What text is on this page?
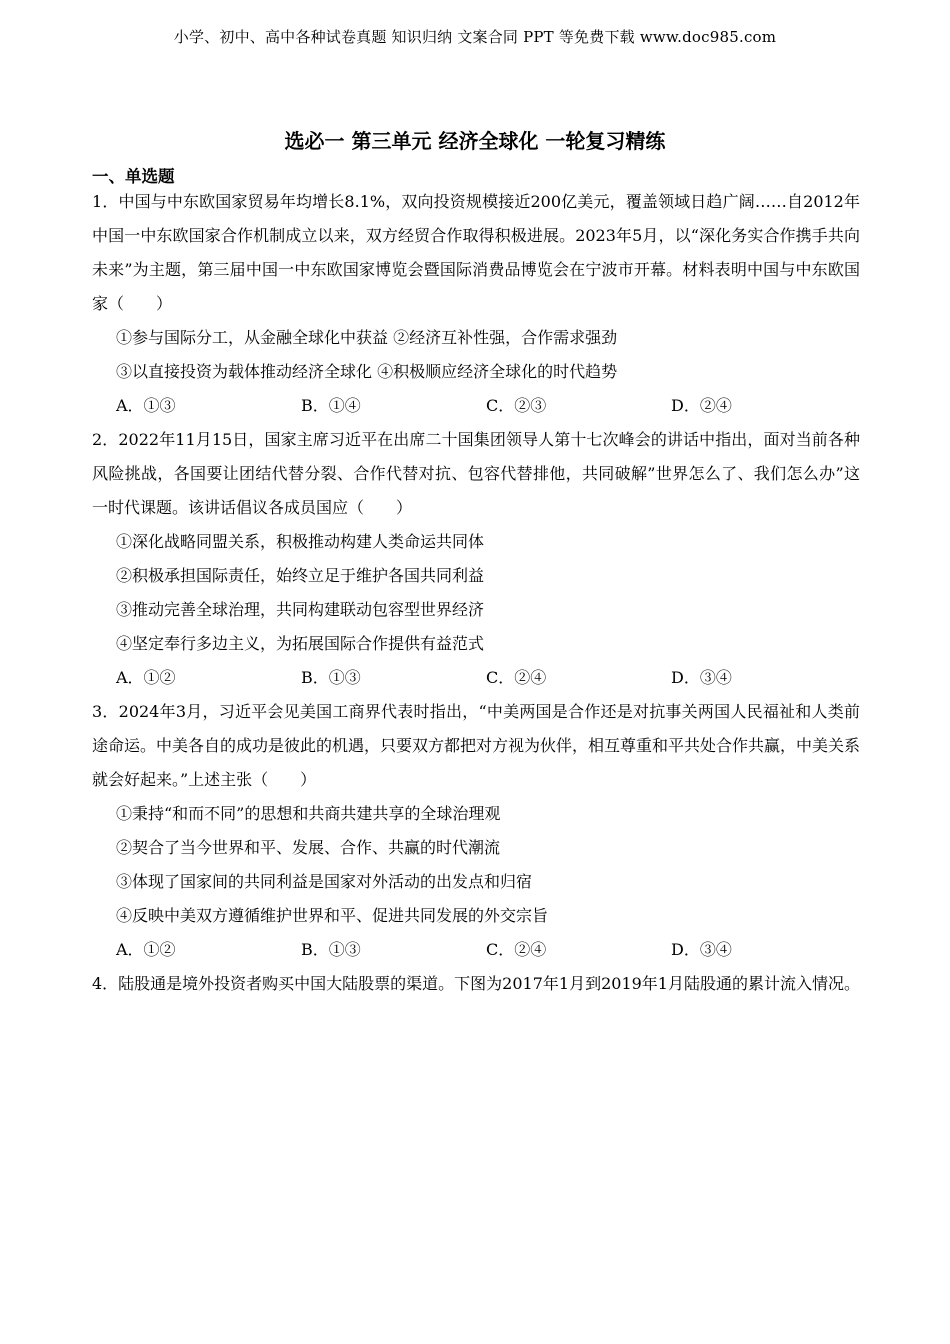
小学、初中、高中各种试卷真题 知识归纳 文案合同 PPT 等免费下载 www.doc985.com
选必一 第三单元 经济全球化 一轮复习精练
一、单选题

1．中国与中东欧国家贸易年均增长8.1%，双向投资规模接近200亿美元，覆盖领域日趋广阔……自2012年中国一中东欧国家合作机制成立以来，双方经贸合作取得积极进展。2023年5月，以“深化务实合作携手共向未来”为主题，第三届中国一中东欧国家博览会暨国际消费品博览会在宁波市开幕。材料表明中国与中东欧国家（　　）

①参与国际分工，从金融全球化中获益 ②经济互补性强，合作需求强劲

③以直接投资为载体推动经济全球化 ④积极顺应经济全球化的时代趋势

A．①③	B．①④	C．②③	D．②④

2．2022年11月15日，国家主席习近平在出席二十国集团领导人第十七次峰会的讲话中指出，面对当前各种风险挑战，各国要让团结代替分裂、合作代替对抗、包容代替排他，共同破解”世界怎么了、我们怎么办”这一时代课题。该讲话倡议各成员国应（　　）

①深化战略同盟关系，积极推动构建人类命运共同体

②积极承担国际责任，始终立足于维护各国共同利益

③推动完善全球治理，共同构建联动包容型世界经济

④坚定奉行多边主义，为拓展国际合作提供有益范式

A．①②	B．①③	C．②④	D．③④

3．2024年3月，习近平会见美国工商界代表时指出，“中美两国是合作还是对抗事关两国人民福祉和人类前途命运。中美各自的成功是彼此的机遇，只要双方都把对方视为伙伴，相互尊重和平共处合作共赢，中美关系就会好起来。”上述主张（　　）

①秉持“和而不同”的思想和共商共建共享的全球治理观

②契合了当今世界和平、发展、合作、共赢的时代潮流

③体现了国家间的共同利益是国家对外活动的出发点和归宿

④反映中美双方遵循维护世界和平、促进共同发展的外交宗旨

A．①②	B．①③	C．②④	D．③④

4．陆股通是境外投资者购买中国大陆股票的渠道。下图为2017年1月到2019年1月陆股通的累计流入情况。
